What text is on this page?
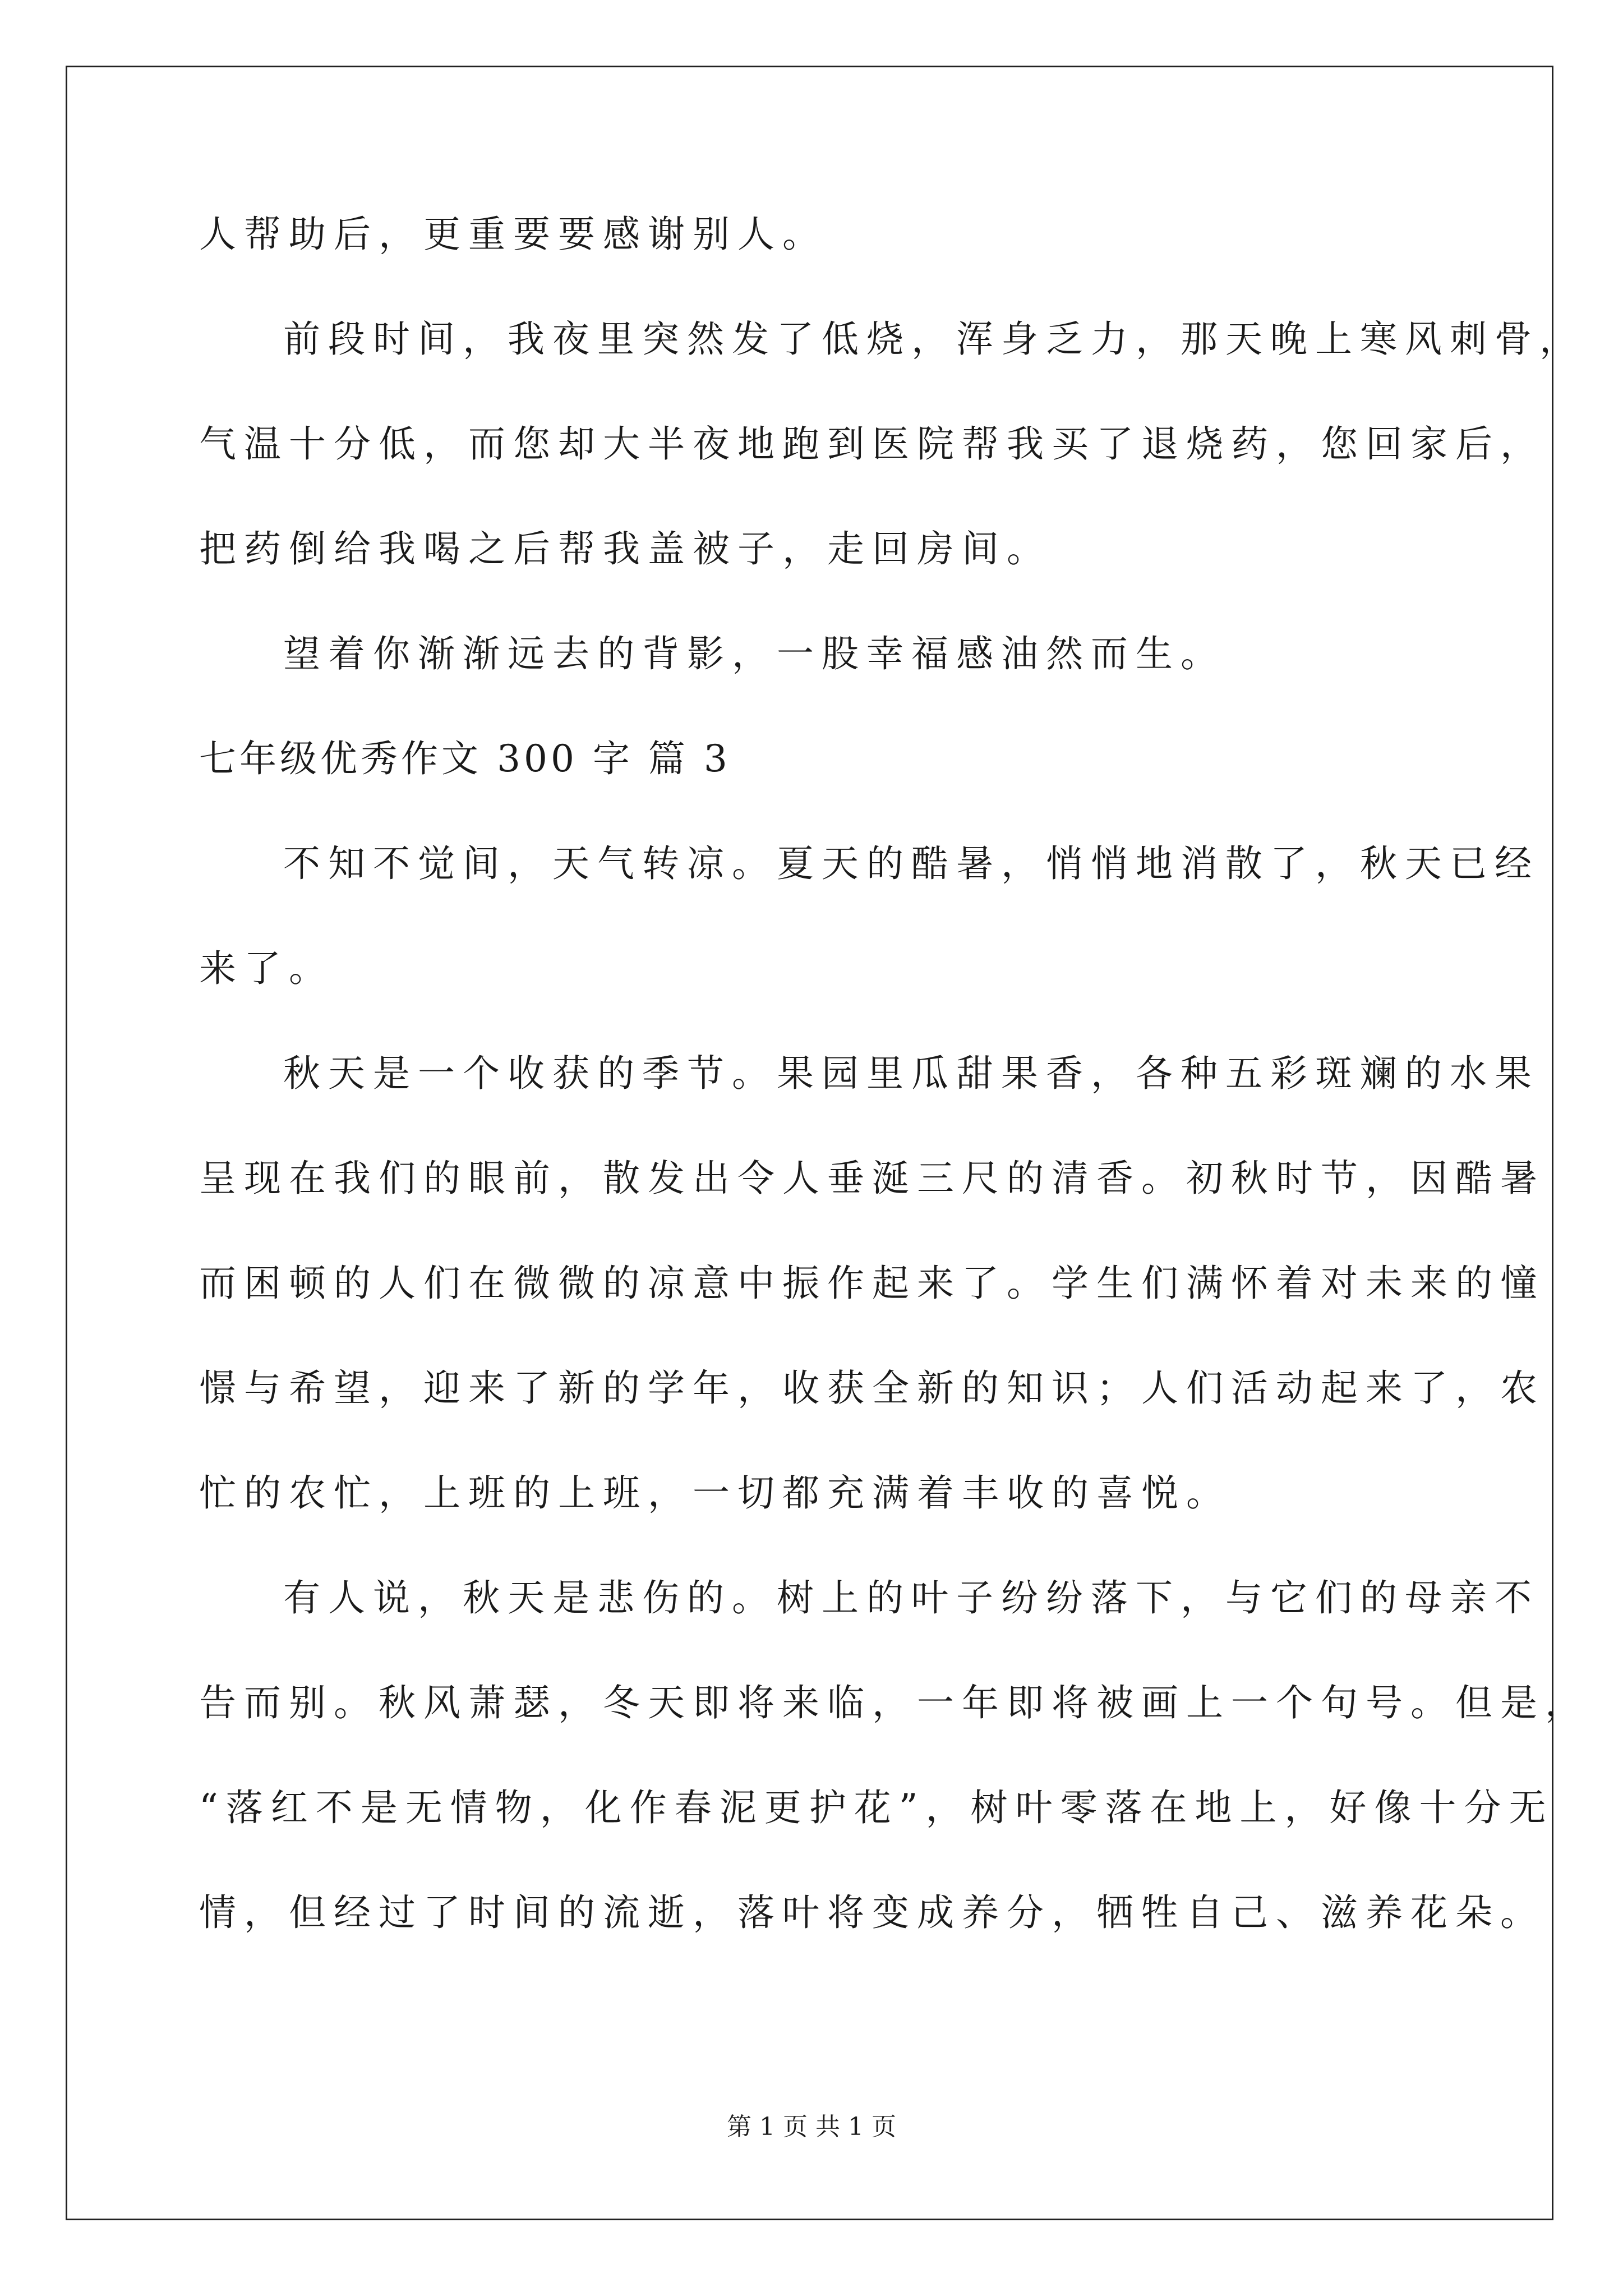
人帮助后，更重要要感谢别人。
前段时间，我夜里突然发了低烧，浑身乏力，那天晚上寒风刺骨，
气温十分低，而您却大半夜地跑到医院帮我买了退烧药，您回家后，
把药倒给我喝之后帮我盖被子，走回房间。
望着你渐渐远去的背影，一股幸福感油然而生。
七年级优秀作文 300 字 篇 3
不知不觉间，天气转凉。夏天的酷暑，悄悄地消散了，秋天已经
来了。
秋天是一个收获的季节。果园里瓜甜果香，各种五彩斑斓的水果
呈现在我们的眼前，散发出令人垂涎三尺的清香。初秋时节，因酷暑
而困顿的人们在微微的凉意中振作起来了。学生们满怀着对未来的憧
憬与希望，迎来了新的学年，收获全新的知识；人们活动起来了，农
忙的农忙，上班的上班，一切都充满着丰收的喜悦。
有人说，秋天是悲伤的。树上的叶子纷纷落下，与它们的母亲不
告而别。秋风萧瑟，冬天即将来临，一年即将被画上一个句号。但是，
“落红不是无情物，化作春泥更护花”，树叶零落在地上，好像十分无
情，但经过了时间的流逝，落叶将变成养分，牺牲自己、滋养花朵。
第 1 页 共 1 页
